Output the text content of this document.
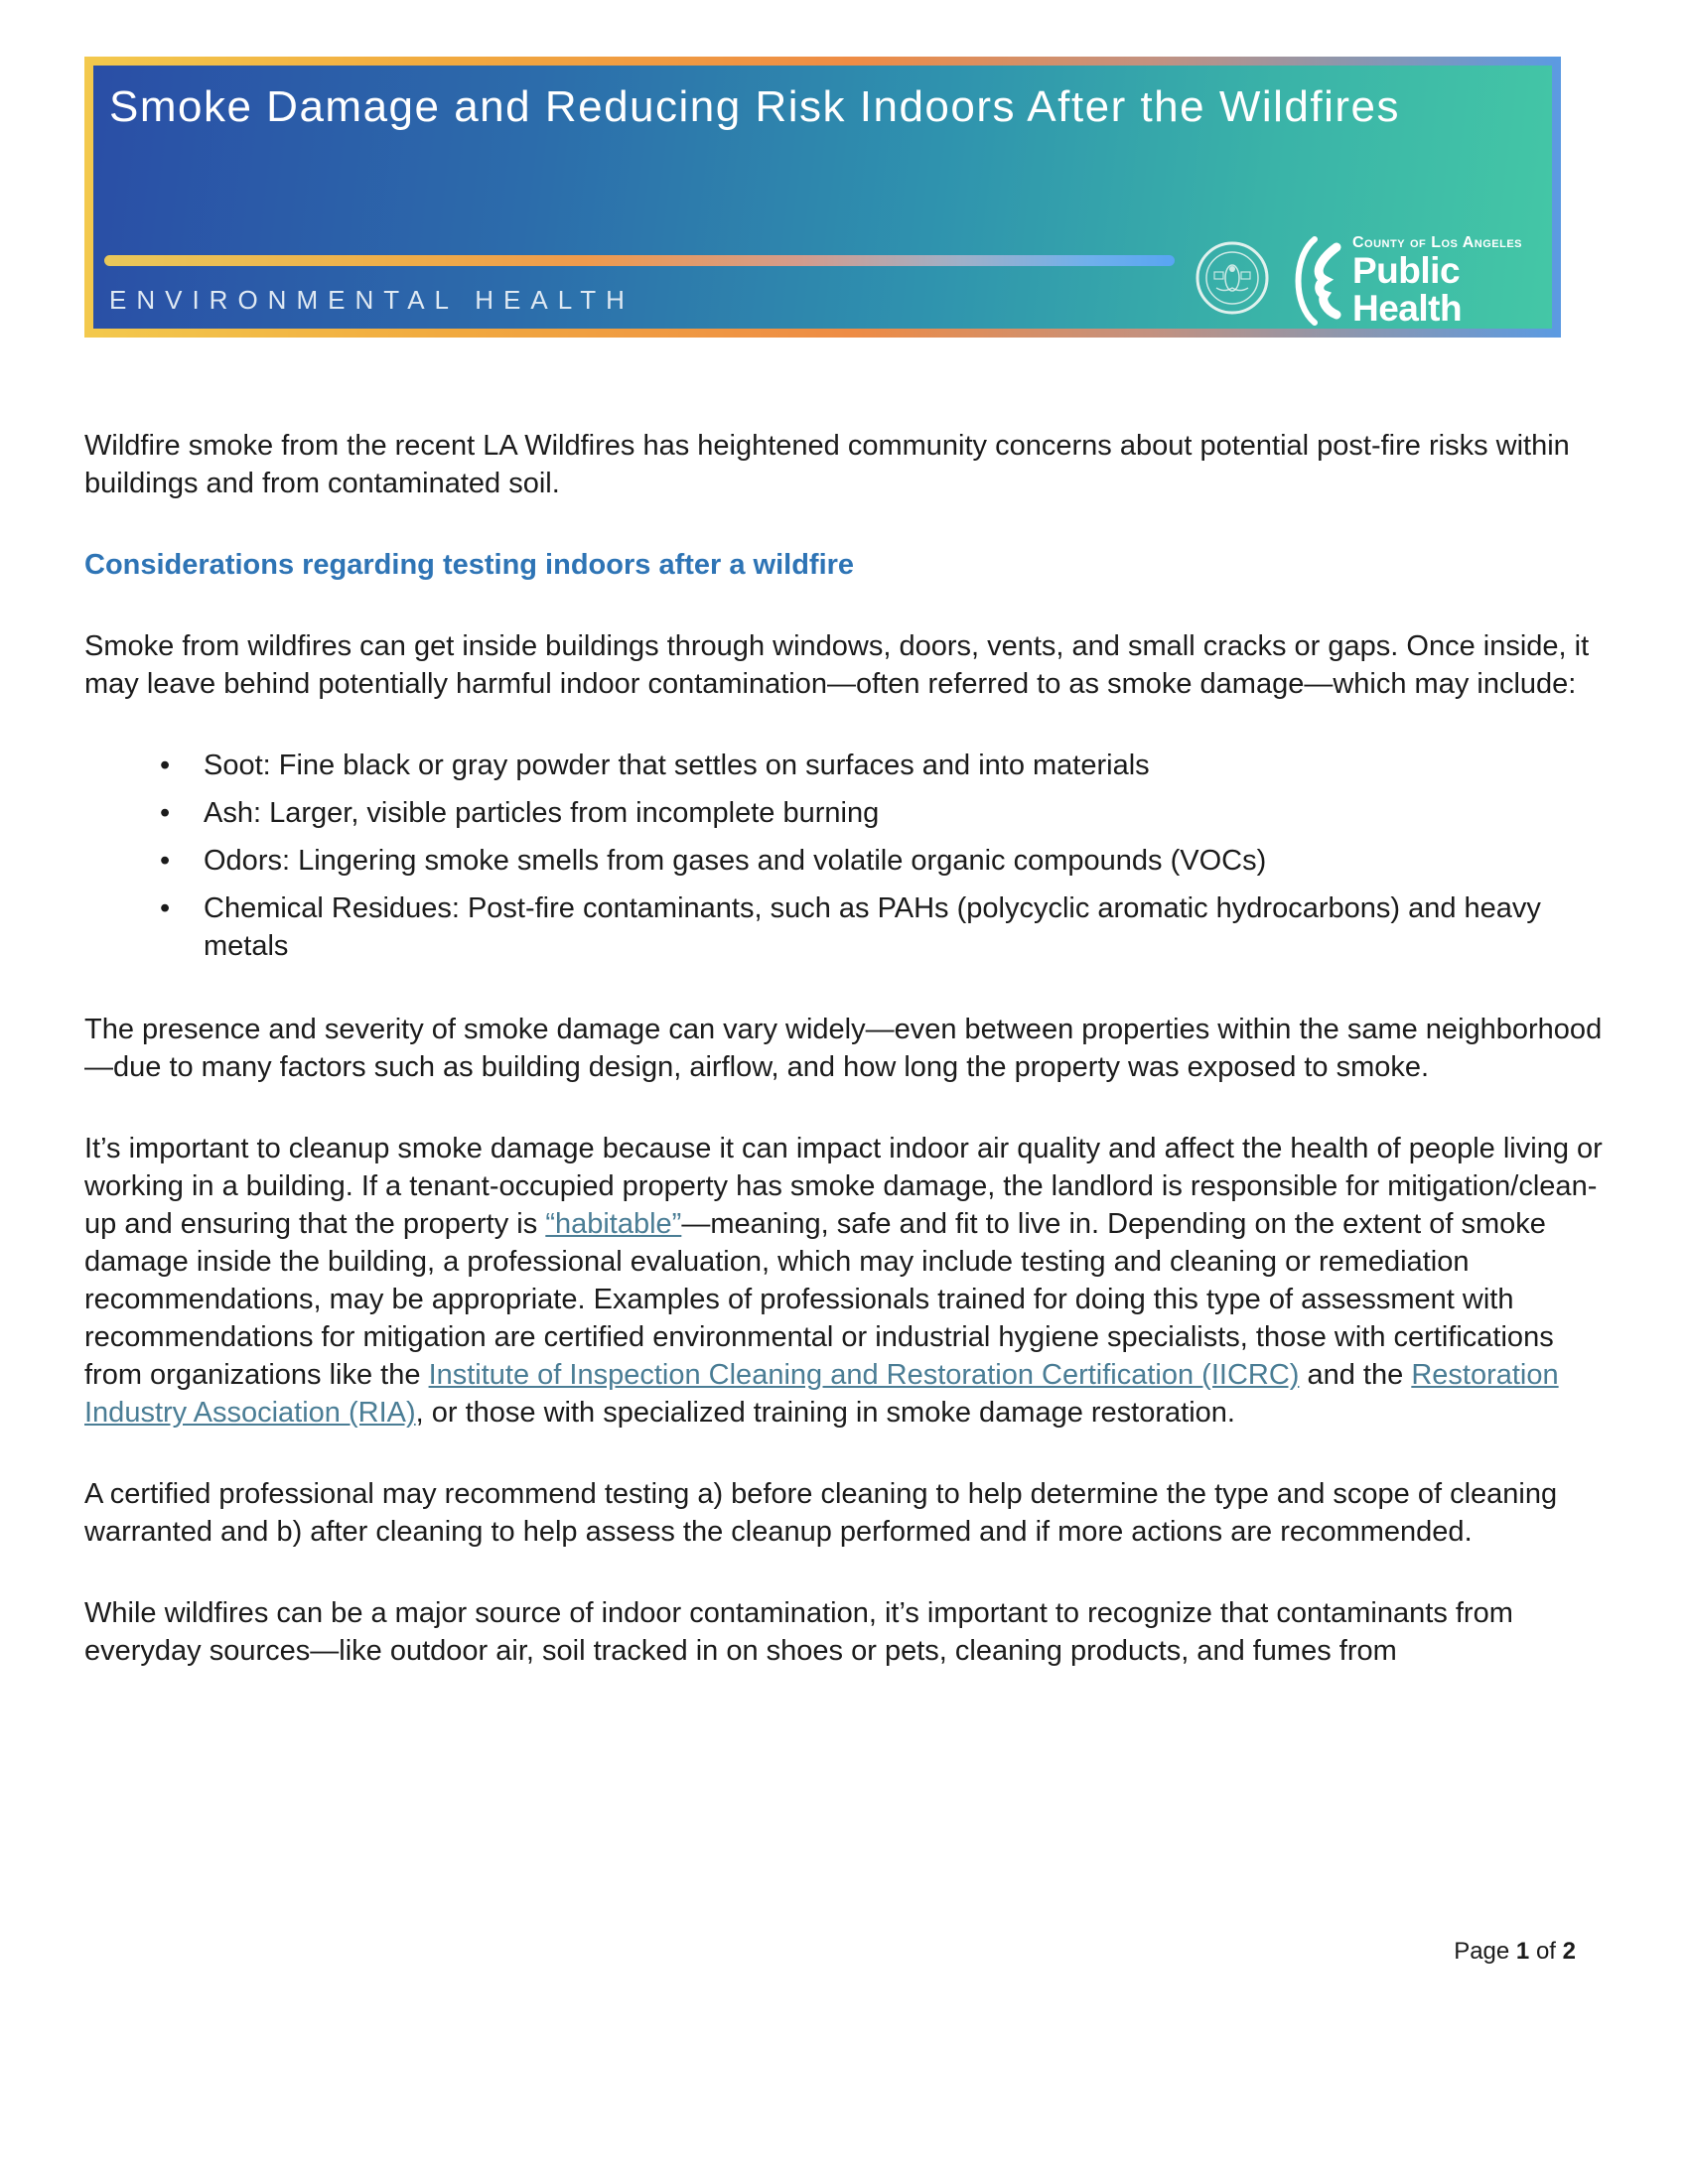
Smoke Damage and Reducing Risk Indoors After the Wildfires
ENVIRONMENTAL HEALTH
County of Los Angeles
Public Health

Wildfire smoke from the recent LA Wildfires has heightened community concerns about potential post-fire risks within buildings and from contaminated soil.

Considerations regarding testing indoors after a wildfire

Smoke from wildfires can get inside buildings through windows, doors, vents, and small cracks or gaps. Once inside, it may leave behind potentially harmful indoor contamination—often referred to as smoke damage—which may include:

• Soot: Fine black or gray powder that settles on surfaces and into materials
• Ash: Larger, visible particles from incomplete burning
• Odors: Lingering smoke smells from gases and volatile organic compounds (VOCs)
• Chemical Residues: Post-fire contaminants, such as PAHs (polycyclic aromatic hydrocarbons) and heavy metals

The presence and severity of smoke damage can vary widely—even between properties within the same neighborhood—due to many factors such as building design, airflow, and how long the property was exposed to smoke.

It’s important to cleanup smoke damage because it can impact indoor air quality and affect the health of people living or working in a building. If a tenant-occupied property has smoke damage, the landlord is responsible for mitigation/clean-up and ensuring that the property is “habitable”—meaning, safe and fit to live in. Depending on the extent of smoke damage inside the building, a professional evaluation, which may include testing and cleaning or remediation recommendations, may be appropriate. Examples of professionals trained for doing this type of assessment with recommendations for mitigation are certified environmental or industrial hygiene specialists, those with certifications from organizations like the Institute of Inspection Cleaning and Restoration Certification (IICRC) and the Restoration Industry Association (RIA), or those with specialized training in smoke damage restoration.

A certified professional may recommend testing a) before cleaning to help determine the type and scope of cleaning warranted and b) after cleaning to help assess the cleanup performed and if more actions are recommended.

While wildfires can be a major source of indoor contamination, it’s important to recognize that contaminants from everyday sources—like outdoor air, soil tracked in on shoes or pets, cleaning products, and fumes from

Page 1 of 2
